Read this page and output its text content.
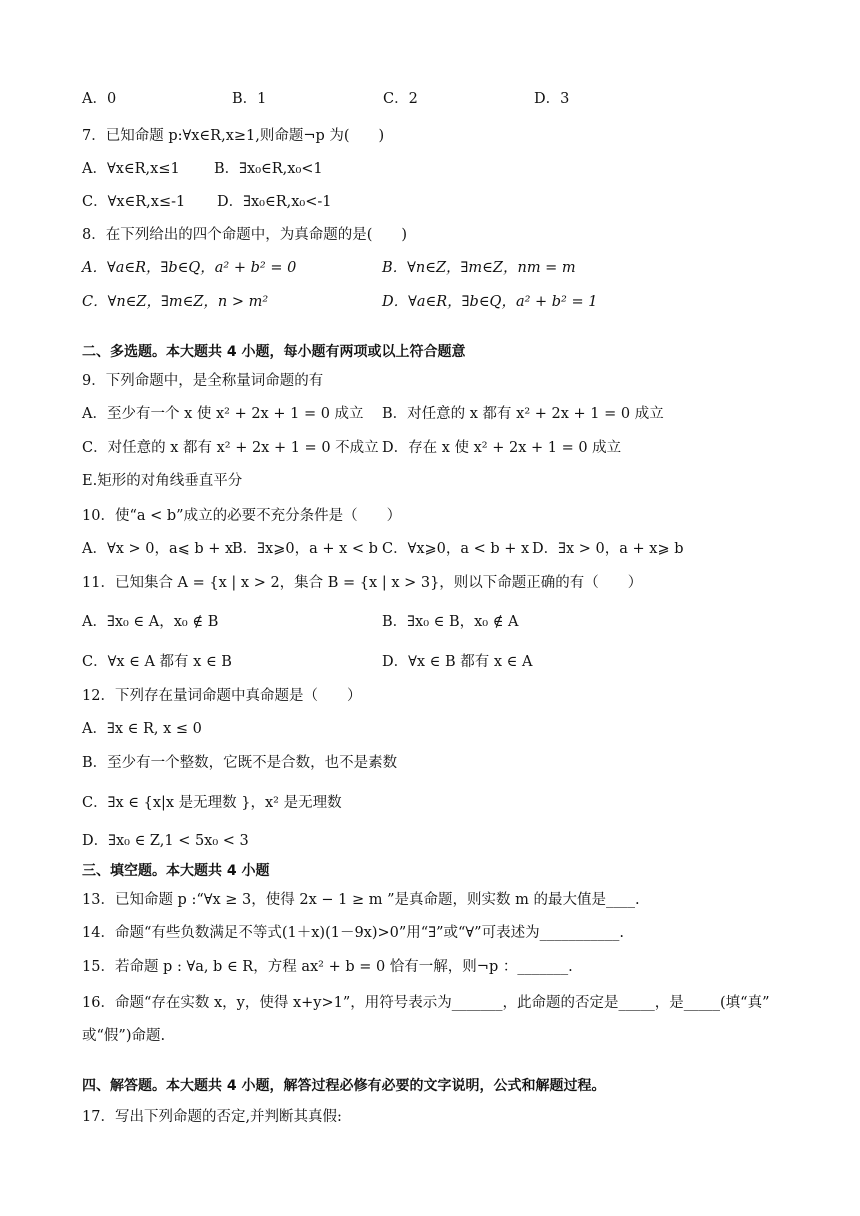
A．0	B．1	C．2	D．3
7．已知命题 p:∀x∈R,x≥1,则命题¬p 为(　　)
A．∀x∈R,x≤1 B．∃x₀∈R,x₀<1
C．∀x∈R,x≤-1 D．∃x₀∈R,x₀<-1
8．在下列给出的四个命题中，为真命题的是(　　)
A．∀a∈R，∃b∈Q，a² + b² = 0	B．∀n∈Z，∃m∈Z，nm = m
C．∀n∈Z，∃m∈Z，n > m²	D．∀a∈R，∃b∈Q，a² + b² = 1
二、多选题。本大题共 4 小题，每小题有两项或以上符合题意
9．下列命题中，是全称量词命题的有
A．至少有一个 x 使 x² + 2x + 1 = 0 成立 B．对任意的 x 都有 x² + 2x + 1 = 0 成立
C．对任意的 x 都有 x² + 2x + 1 = 0 不成立 D．存在 x 使 x² + 2x + 1 = 0 成立
E.矩形的对角线垂直平分
10．使“a < b”成立的必要不充分条件是（　　）
A．∀x > 0，a⩽ b + x
B．∃x⩾0，a + x < b C．∀x⩾0，a < b + x D．∃x > 0，a + x⩾ b
11．已知集合 A = {x | x > 2，集合 B = {x | x > 3}，则以下命题正确的有（　　）
A．∃x₀ ∈ A，x₀ ∉ B	B．∃x₀ ∈ B，x₀ ∉ A
C．∀x ∈ A 都有 x ∈ B	D．∀x ∈ B 都有 x ∈ A
12．下列存在量词命题中真命题是（　　）
A．∃x ∈ R, x ≤ 0
B．至少有一个整数，它既不是合数，也不是素数
C．∃x ∈ {x|x 是无理数 }，x² 是无理数
D．∃x₀ ∈ Z,1 < 5x₀ < 3
三、填空题。本大题共 4 小题
13．已知命题 p :“∀x ≥ 3，使得 2x − 1 ≥ m ”是真命题，则实数 m 的最大值是____.
14．命题“有些负数满足不等式(1＋x)(1－9x)>0”用“∃”或“∀”可表述为___________.
15．若命题 p : ∀a, b ∈ R，方程 ax² + b = 0 恰有一解，则¬p ：_______.
16．命题“存在实数 x，y，使得 x+y>1”，用符号表示为_______，此命题的否定是_____，是_____(填“真”
或“假”)命题.
四、解答题。本大题共 4 小题，解答过程必修有必要的文字说明，公式和解题过程。
17．写出下列命题的否定,并判断其真假:
